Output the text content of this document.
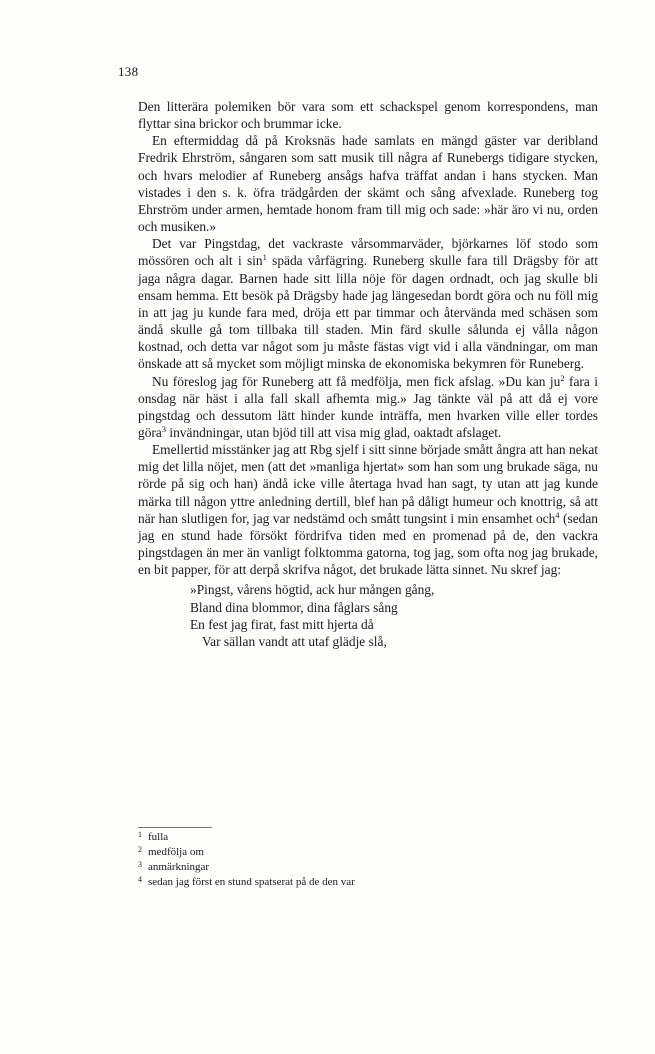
138

Den litterära polemiken bör vara som ett schackspel genom korrespondens, man flyttar sina brickor och brummar icke.

En eftermiddag då på Kroksnäs hade samlats en mängd gäster var deribland Fredrik Ehrström, sångaren som satt musik till några af Runebergs tidigare stycken, och hvars melodier af Runeberg ansågs hafva träffat andan i hans stycken. Man vistades i den s. k. öfra trädgården der skämt och sång afvexlade. Runeberg tog Ehrström under armen, hemtade honom fram till mig och sade: »här äro vi nu, orden och musiken.»

Det var Pingstdag, det vackraste vårsommarväder, björkarnes löf stodo som mössören och alt i $\sin^1$ späda vårfägring. Runeberg skulle fara till Drägsby för att jaga några dagar. Barnen hade sitt lilla nöje för dagen ordnadt, och jag skulle bli ensam hemma. Ett besök på Drägsby hade jag längesedan bordt göra och nu föll mig in att jag ju kunde fara med, dröja ett par timmar och återvända med schäsen som ändå skulle gå tom tillbaka till staden. Min färd skulle sålunda ej vålla någon kostnad, och detta var något som ju måste fästas vigt vid i alla vändningar, om man önskade att så mycket som möjligt minska de ekonomiska bekymren för Runeberg.

Nu föreslog jag för Runeberg att få medfölja, men fick afslag. »Du kan $ju^2$ fara i onsdag när häst i alla fall skall afhemta mig.» Jag tänkte väl på att då ej vore pingstdag och dessutom lätt hinder kunde inträffa, men hvarken ville eller tordes göra$^3$ invändningar, utan bjöd till att visa mig glad, oaktadt afslaget.

Emellertid misstänker jag att Rbg sjelf i sitt sinne började smått ångra att han nekat mig det lilla nöjet, men (att det »manliga hjertat» som han som ung brukade säga, nu rörde på sig och han) ändå icke ville återtaga hvad han sagt, ty utan att jag kunde märka till någon yttre anledning dertill, blef han på dåligt humeur och knottrig, så att när han slutligen for, jag var nedstämd och smått tungsint i min ensamhet och$^4$ (sedan jag en stund hade försökt fördrifva tiden med en promenad på de, den vackra pingstdagen än mer än vanligt folktomma gatorna, tog jag, som ofta nog jag brukade, en bit papper, för att derpå skrifva något, det brukade lätta sinnet. Nu skref jag:

»Pingst, vårens högtid, ack hur mången gång,
Bland dina blommor, dina fåglars sång
En fest jag firat, fast mitt hjerta då
Var sällan vandt att utaf glädje slå,
1 fulla
2 medfölja om
3 anmärkningar
4 sedan jag först en stund spatserat på de den var
